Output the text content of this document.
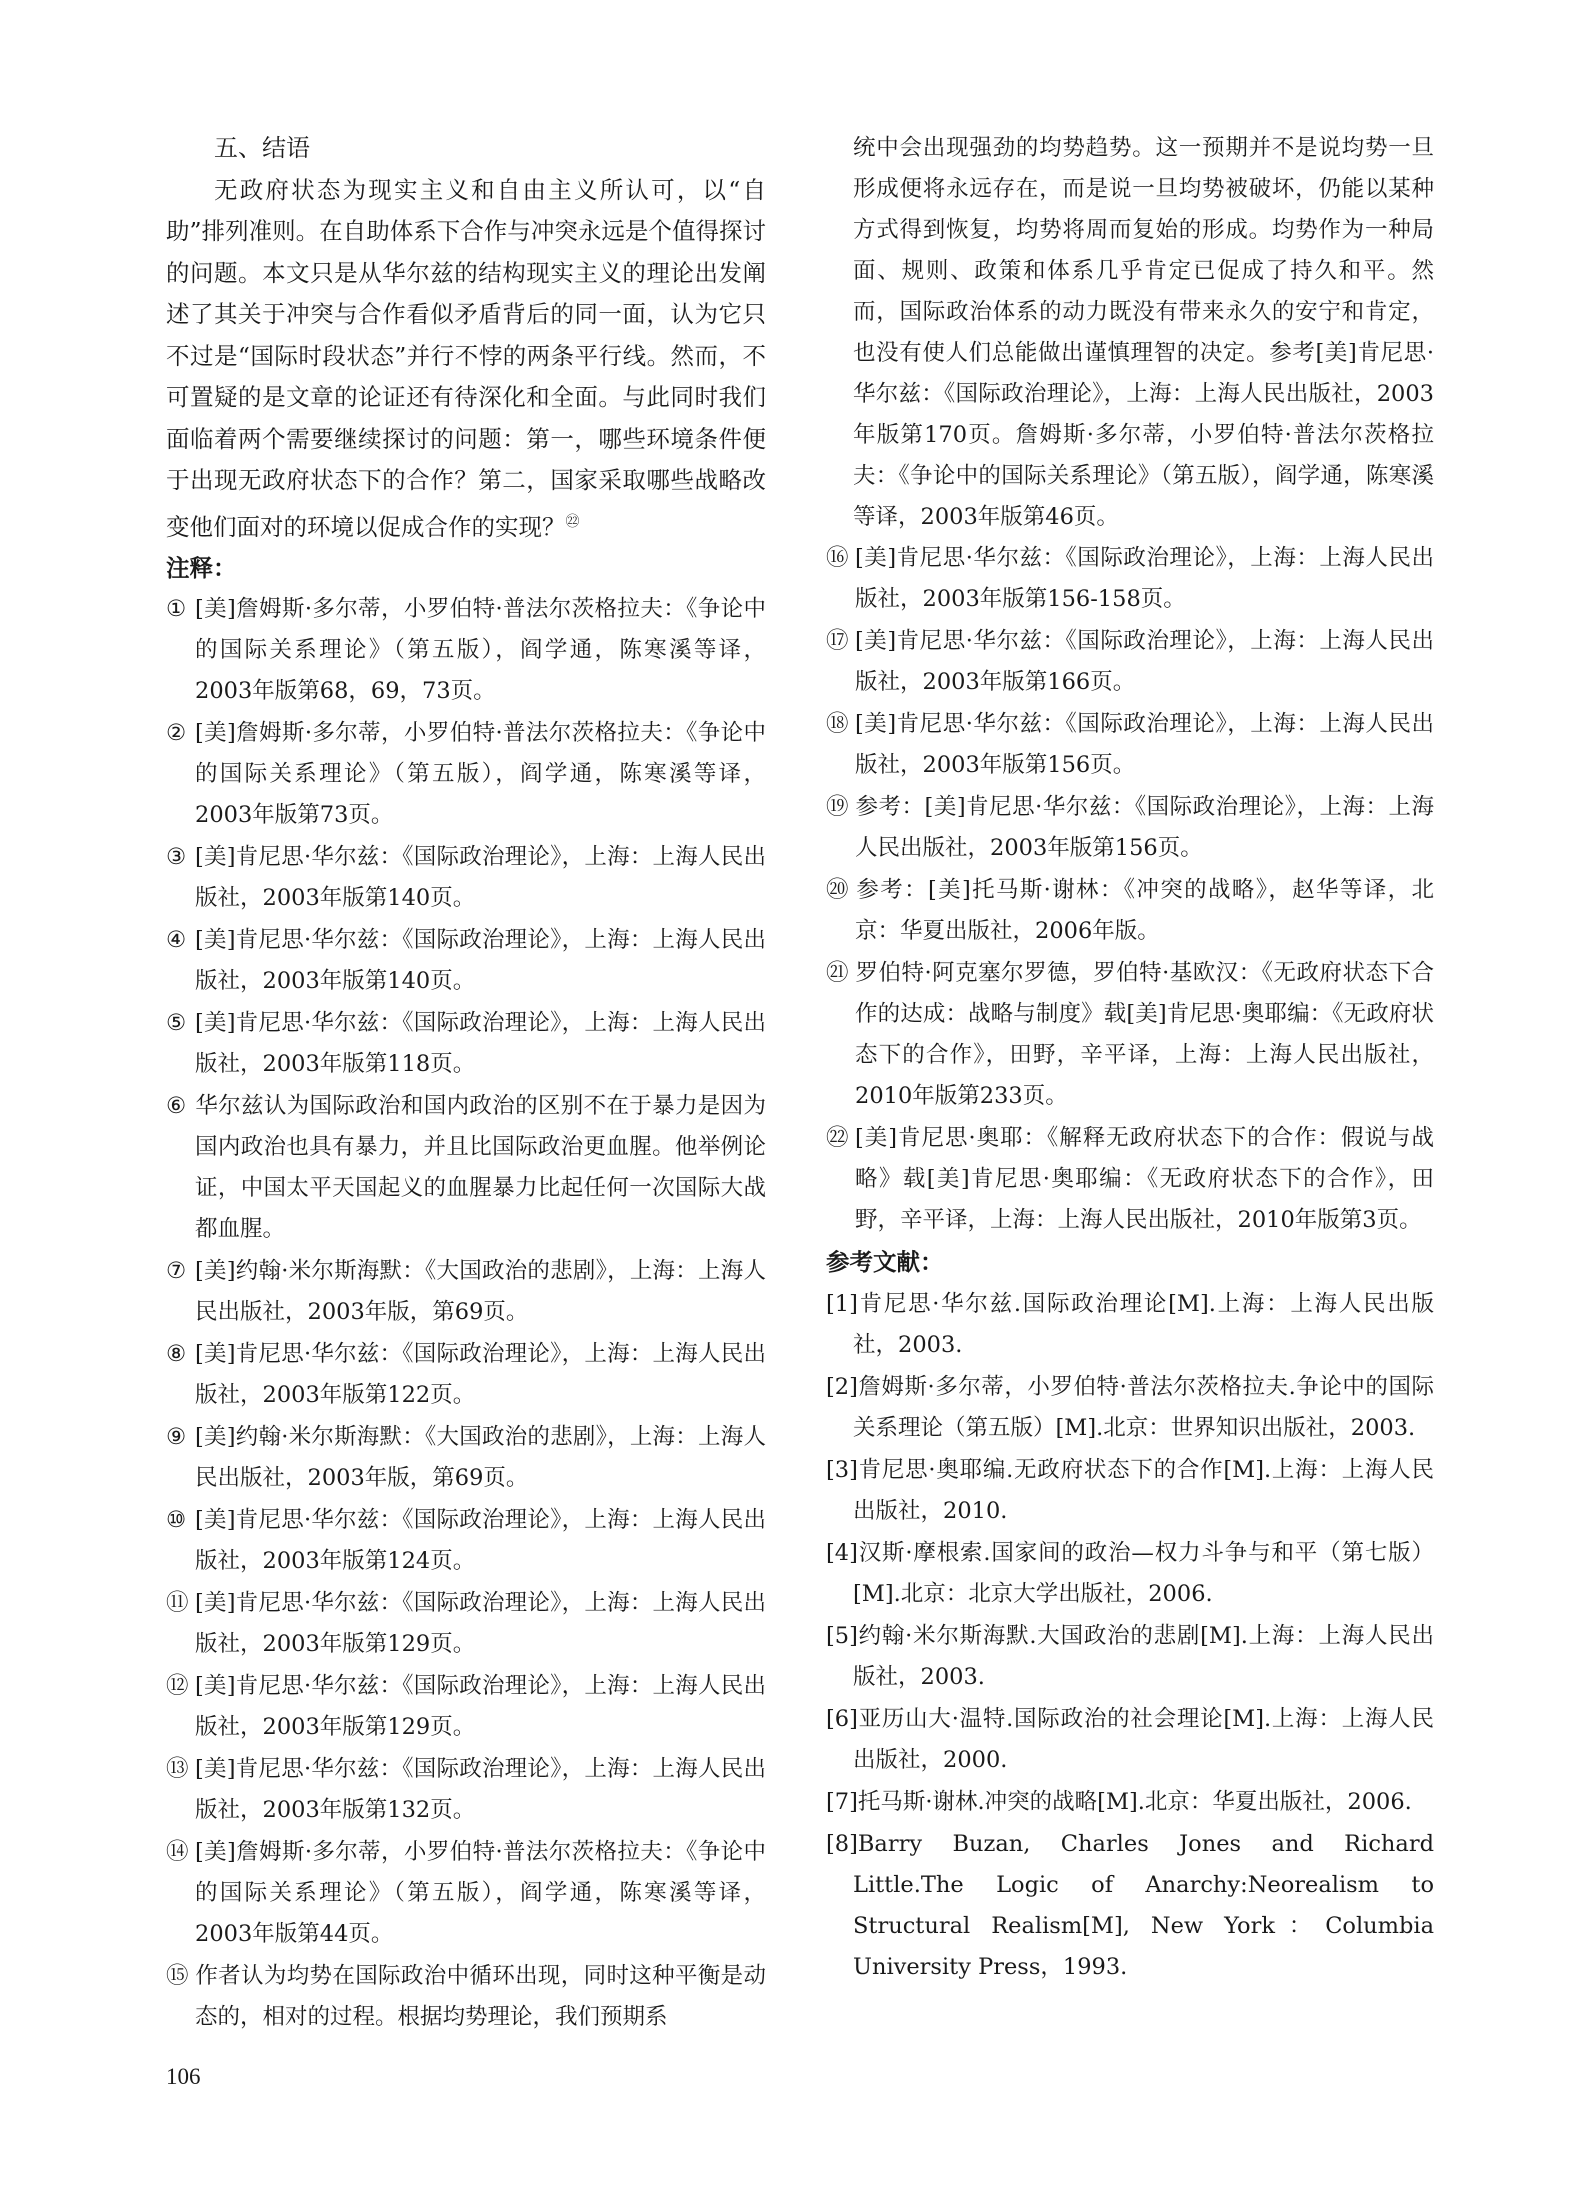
五、结语

无政府状态为现实主义和自由主义所认可，以“自助”排列准则。在自助体系下合作与冲突永远是个值得探讨的问题。本文只是从华尔兹的结构现实主义的理论出发阐述了其关于冲突与合作看似矛盾背后的同一面，认为它只不过是“国际时段状态”并行不悖的两条平行线。然而，不可置疑的是文章的论证还有待深化和全面。与此同时我们面临着两个需要继续探讨的问题：第一，哪些环境条件便于出现无政府状态下的合作？第二，国家采取哪些战略改变他们面对的环境以促成合作的实现？$^㉒$

注释：

① [美]詹姆斯·多尔蒂，小罗伯特·普法尔茨格拉夫：《争论中的国际关系理论》（第五版），阎学通，陈寒溪等译，2003年版第68，69，73页。

② [美]詹姆斯·多尔蒂，小罗伯特·普法尔茨格拉夫：《争论中的国际关系理论》（第五版），阎学通，陈寒溪等译，2003年版第73页。

③ [美]肯尼思·华尔兹：《国际政治理论》，上海：上海人民出版社，2003年版第140页。

④ [美]肯尼思·华尔兹：《国际政治理论》，上海：上海人民出版社，2003年版第140页。

⑤ [美]肯尼思·华尔兹：《国际政治理论》，上海：上海人民出版社，2003年版第118页。

⑥ 华尔兹认为国际政治和国内政治的区别不在于暴力是因为国内政治也具有暴力，并且比国际政治更血腥。他举例论证，中国太平天国起义的血腥暴力比起任何一次国际大战都血腥。

⑦ [美]约翰·米尔斯海默：《大国政治的悲剧》，上海：上海人民出版社，2003年版，第69页。

⑧ [美]肯尼思·华尔兹：《国际政治理论》，上海：上海人民出版社，2003年版第122页。

⑨ [美]约翰·米尔斯海默：《大国政治的悲剧》，上海：上海人民出版社，2003年版，第69页。

⑩ [美]肯尼思·华尔兹：《国际政治理论》，上海：上海人民出版社，2003年版第124页。

⑪ [美]肯尼思·华尔兹：《国际政治理论》，上海：上海人民出版社，2003年版第129页。

⑫ [美]肯尼思·华尔兹：《国际政治理论》，上海：上海人民出版社，2003年版第129页。

⑬ [美]肯尼思·华尔兹：《国际政治理论》，上海：上海人民出版社，2003年版第132页。

⑭ [美]詹姆斯·多尔蒂，小罗伯特·普法尔茨格拉夫：《争论中的国际关系理论》（第五版），阎学通，陈寒溪等译，2003年版第44页。

⑮ 作者认为均势在国际政治中循环出现，同时这种平衡是动态的，相对的过程。根据均势理论，我们预期系

统中会出现强劲的均势趋势。这一预期并不是说均势一旦形成便将永远存在，而是说一旦均势被破坏，仍能以某种方式得到恢复，均势将周而复始的形成。均势作为一种局面、规则、政策和体系几乎肯定已促成了持久和平。然而，国际政治体系的动力既没有带来永久的安宁和肯定，也没有使人们总能做出谨慎理智的决定。参考[美]肯尼思·华尔兹：《国际政治理论》，上海：上海人民出版社，2003年版第170页。詹姆斯·多尔蒂，小罗伯特·普法尔茨格拉夫：《争论中的国际关系理论》（第五版），阎学通，陈寒溪等译，2003年版第46页。

⑯ [美]肯尼思·华尔兹：《国际政治理论》，上海：上海人民出版社，2003年版第156-158页。

⑰ [美]肯尼思·华尔兹：《国际政治理论》，上海：上海人民出版社，2003年版第166页。

⑱ [美]肯尼思·华尔兹：《国际政治理论》，上海：上海人民出版社，2003年版第156页。

⑲ 参考：[美]肯尼思·华尔兹：《国际政治理论》，上海：上海人民出版社，2003年版第156页。

⑳ 参考：[美]托马斯·谢林：《冲突的战略》，赵华等译，北京：华夏出版社，2006年版。

㉑ 罗伯特·阿克塞尔罗德，罗伯特·基欧汉：《无政府状态下合作的达成：战略与制度》载[美]肯尼思·奥耶编：《无政府状态下的合作》，田野，辛平译，上海：上海人民出版社，2010年版第233页。

㉒ [美]肯尼思·奥耶：《解释无政府状态下的合作：假说与战略》载[美]肯尼思·奥耶编：《无政府状态下的合作》，田野，辛平译，上海：上海人民出版社，2010年版第3页。

参考文献：

[1]肯尼思·华尔兹.国际政治理论[M].上海：上海人民出版社，2003.

[2]詹姆斯·多尔蒂，小罗伯特·普法尔茨格拉夫.争论中的国际关系理论（第五版）[M].北京：世界知识出版社，2003.

[3]肯尼思·奥耶编.无政府状态下的合作[M].上海：上海人民出版社，2010.

[4]汉斯·摩根索.国家间的政治—权力斗争与和平（第七版）[M].北京：北京大学出版社，2006.

[5]约翰·米尔斯海默.大国政治的悲剧[M].上海：上海人民出版社，2003.

[6]亚历山大·温特.国际政治的社会理论[M].上海：上海人民出版社，2000.

[7]托马斯·谢林.冲突的战略[M].北京：华夏出版社，2006.

[8]Barry Buzan, Charles Jones and Richard Little.The Logic of Anarchy:Neorealism to Structural Realism[M], New York：Columbia University Press，1993.

106
